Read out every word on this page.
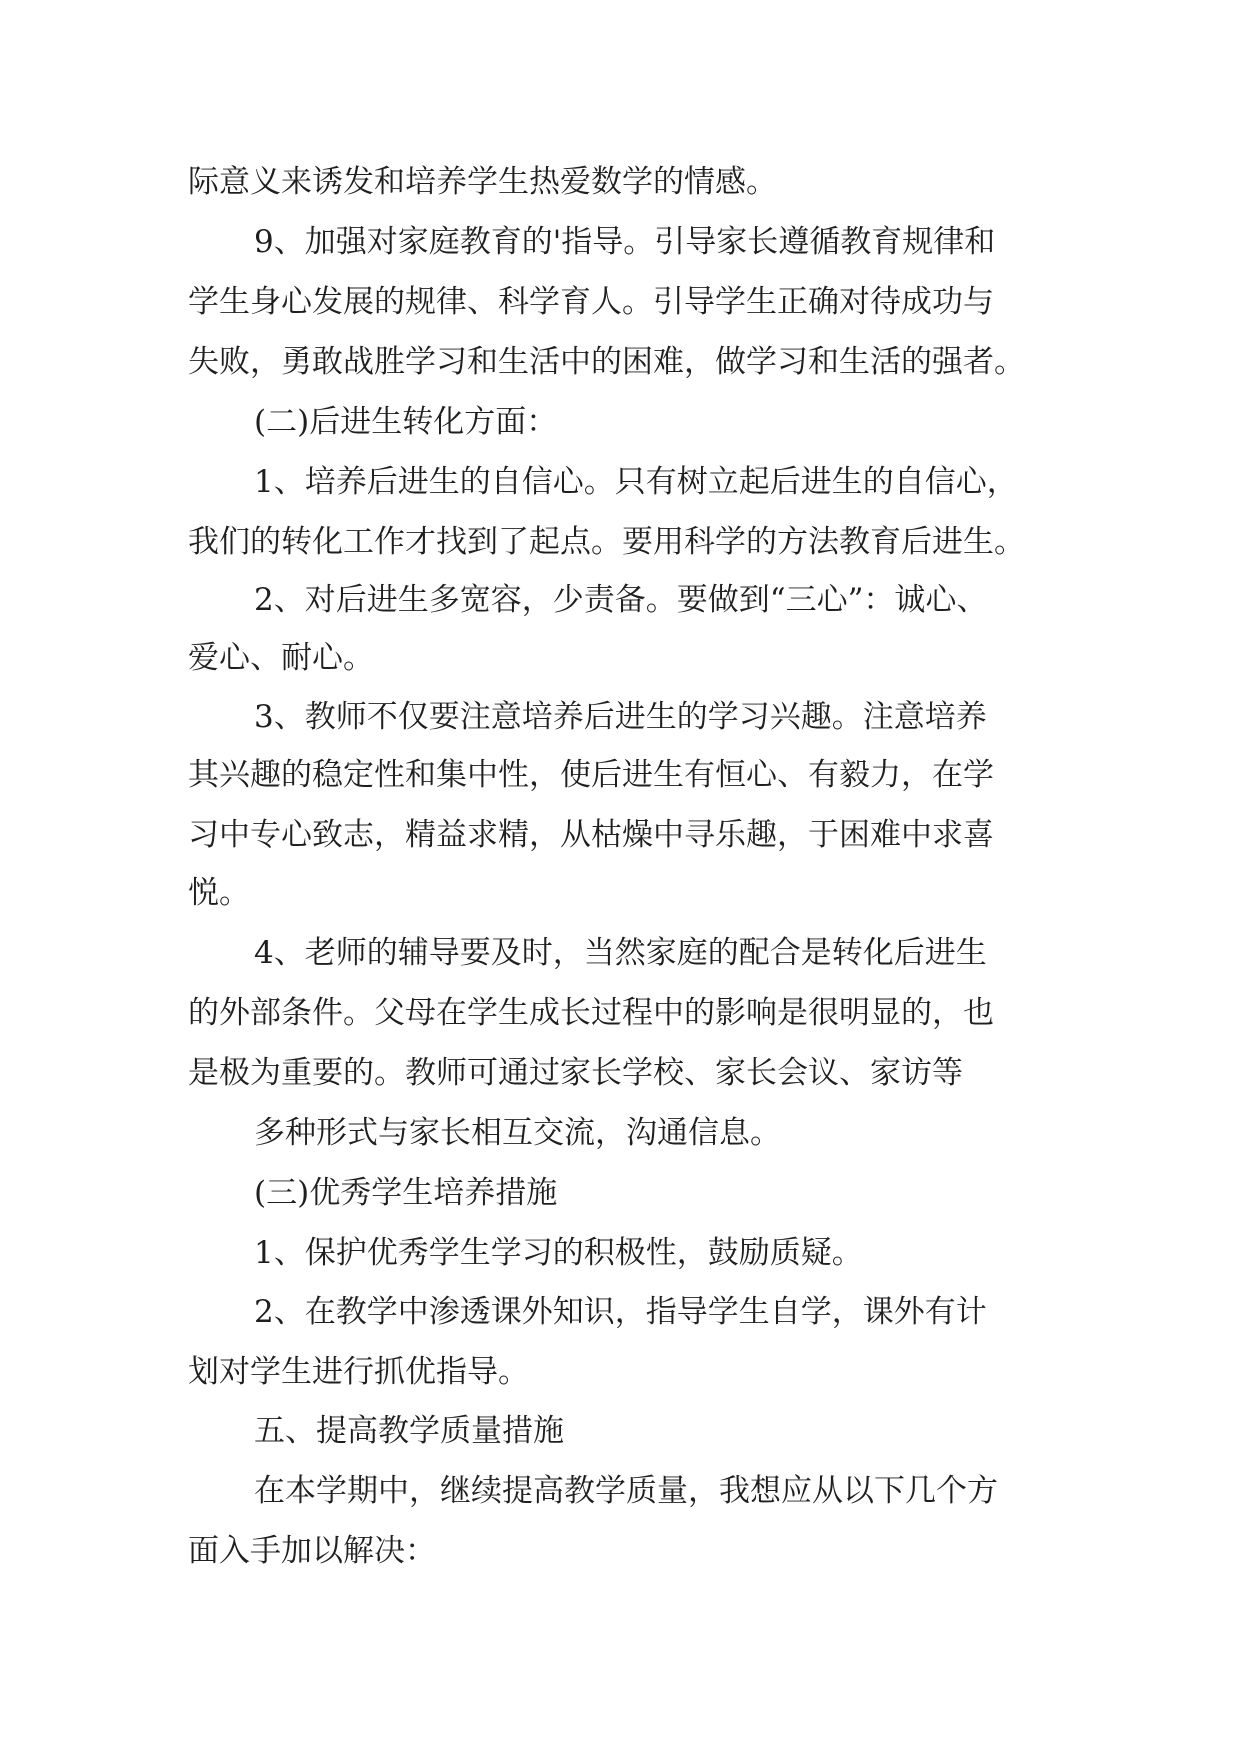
际意义来诱发和培养学生热爱数学的情感。
9、加强对家庭教育的'指导。引导家长遵循教育规律和
学生身心发展的规律、科学育人。引导学生正确对待成功与
失败，勇敢战胜学习和生活中的困难，做学习和生活的强者。
(二)后进生转化方面：
1、培养后进生的自信心。只有树立起后进生的自信心，
我们的转化工作才找到了起点。要用科学的方法教育后进生。
2、对后进生多宽容，少责备。要做到“三心”：诚心、
爱心、耐心。
3、教师不仅要注意培养后进生的学习兴趣。注意培养
其兴趣的稳定性和集中性，使后进生有恒心、有毅力，在学
习中专心致志，精益求精，从枯燥中寻乐趣，于困难中求喜
悦。
4、老师的辅导要及时，当然家庭的配合是转化后进生
的外部条件。父母在学生成长过程中的影响是很明显的，也
是极为重要的。教师可通过家长学校、家长会议、家访等
多种形式与家长相互交流，沟通信息。
(三)优秀学生培养措施
1、保护优秀学生学习的积极性，鼓励质疑。
2、在教学中渗透课外知识，指导学生自学，课外有计
划对学生进行抓优指导。
五、提高教学质量措施
在本学期中，继续提高教学质量，我想应从以下几个方
面入手加以解决：
